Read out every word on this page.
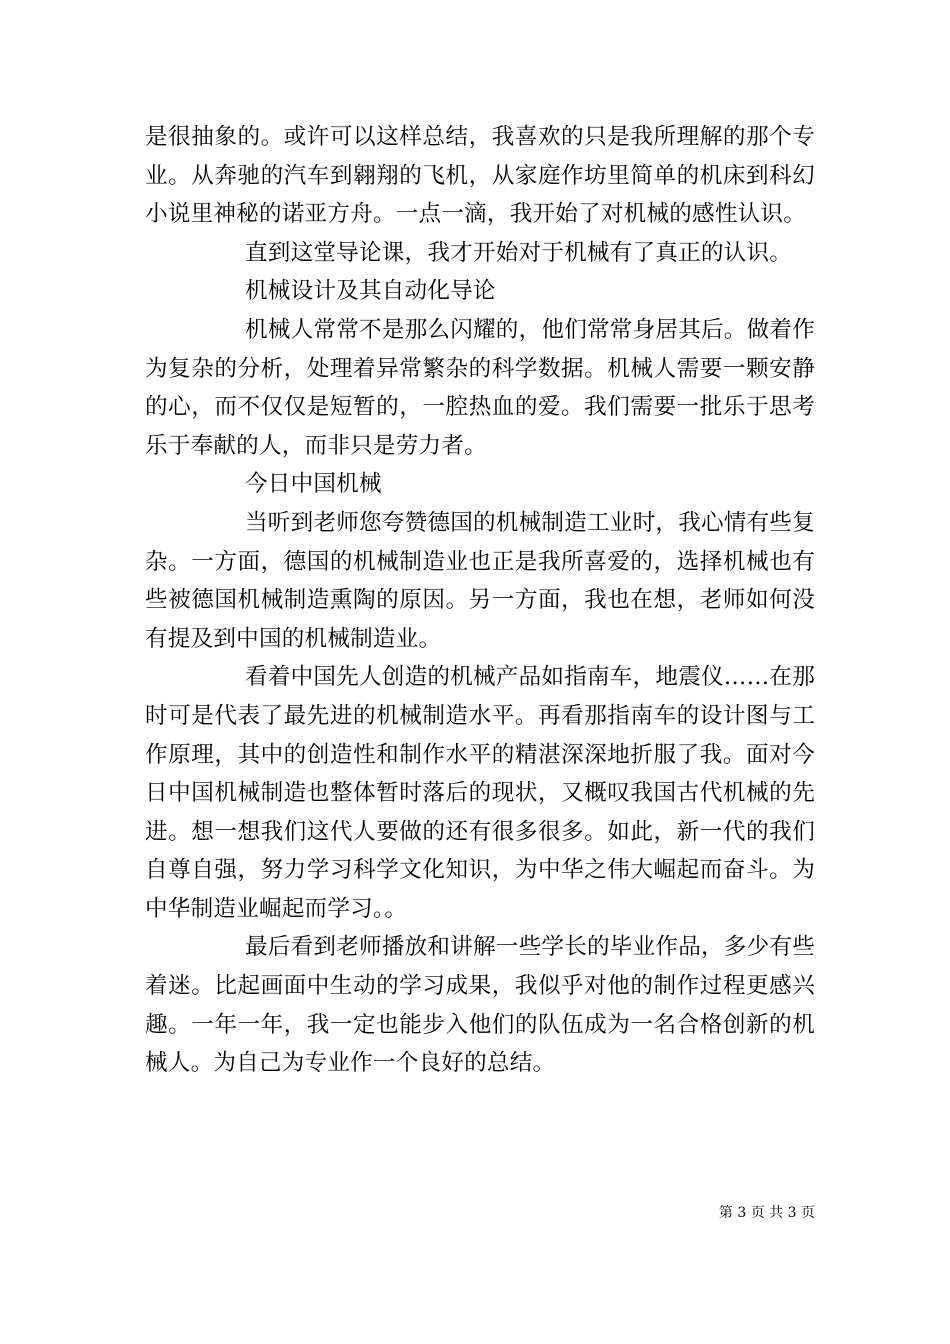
是很抽象的。或许可以这样总结，我喜欢的只是我所理解的那个专业。从奔驰的汽车到翱翔的飞机，从家庭作坊里简单的机床到科幻小说里神秘的诺亚方舟。一点一滴，我开始了对机械的感性认识。

直到这堂导论课，我才开始对于机械有了真正的认识。

机械设计及其自动化导论

机械人常常不是那么闪耀的，他们常常身居其后。做着作为复杂的分析，处理着异常繁杂的科学数据。机械人需要一颗安静的心，而不仅仅是短暂的，一腔热血的爱。我们需要一批乐于思考乐于奉献的人，而非只是劳力者。

今日中国机械

当听到老师您夸赞德国的机械制造工业时，我心情有些复杂。一方面，德国的机械制造业也正是我所喜爱的，选择机械也有些被德国机械制造熏陶的原因。另一方面，我也在想，老师如何没有提及到中国的机械制造业。

看着中国先人创造的机械产品如指南车，地震仪……在那时可是代表了最先进的机械制造水平。再看那指南车的设计图与工作原理，其中的创造性和制作水平的精湛深深地折服了我。面对今日中国机械制造也整体暂时落后的现状，又概叹我国古代机械的先进。想一想我们这代人要做的还有很多很多。如此，新一代的我们自尊自强，努力学习科学文化知识，为中华之伟大崛起而奋斗。为中华制造业崛起而学习。。

最后看到老师播放和讲解一些学长的毕业作品，多少有些着迷。比起画面中生动的学习成果，我似乎对他的制作过程更感兴趣。一年一年，我一定也能步入他们的队伍成为一名合格创新的机械人。为自己为专业作一个良好的总结。

第 3 页 共 3 页
